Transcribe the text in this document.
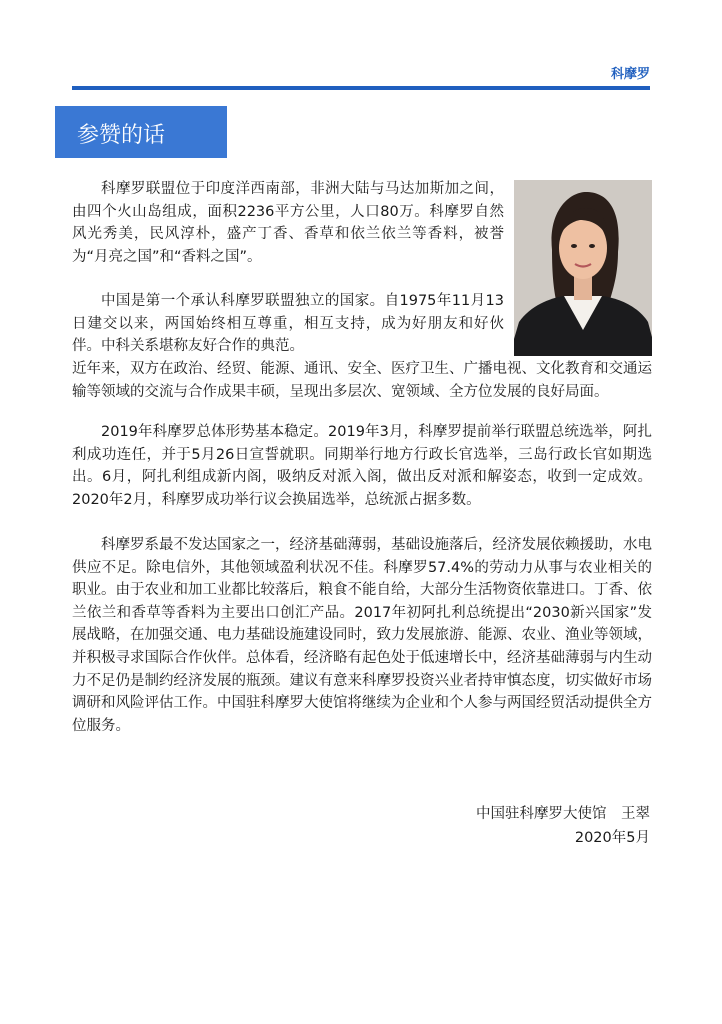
科摩罗
参赞的话

科摩罗联盟位于印度洋西南部，非洲大陆与马达加斯加之间，由四个火山岛组成，面积2236平方公里，人口80万。科摩罗自然风光秀美，民风淳朴，盛产丁香、香草和依兰依兰等香料，被誉为“月亮之国”和“香料之国”。

中国是第一个承认科摩罗联盟独立的国家。自1975年11月13日建交以来，两国始终相互尊重，相互支持，成为好朋友和好伙伴。中科关系堪称友好合作的典范。

近年来，双方在政治、经贸、能源、通讯、安全、医疗卫生、广播电视、文化教育和交通运输等领域的交流与合作成果丰硕，呈现出多层次、宽领域、全方位发展的良好局面。

2019年科摩罗总体形势基本稳定。2019年3月，科摩罗提前举行联盟总统选举，阿扎利成功连任，并于5月26日宣誓就职。同期举行地方行政长官选举，三岛行政长官如期选出。6月，阿扎利组成新内阁，吸纳反对派入阁，做出反对派和解姿态，收到一定成效。2020年2月，科摩罗成功举行议会换届选举，总统派占据多数。

科摩罗系最不发达国家之一，经济基础薄弱，基础设施落后，经济发展依赖援助，水电供应不足。除电信外，其他领域盈利状况不佳。科摩罗57.4%的劳动力从事与农业相关的职业。由于农业和加工业都比较落后，粮食不能自给，大部分生活物资依靠进口。丁香、依兰依兰和香草等香料为主要出口创汇产品。2017年初阿扎利总统提出“2030新兴国家”发展战略，在加强交通、电力基础设施建设同时，致力发展旅游、能源、农业、渔业等领域，并积极寻求国际合作伙伴。总体看，经济略有起色处于低速增长中，经济基础薄弱与内生动力不足仍是制约经济发展的瓶颈。建议有意来科摩罗投资兴业者持审慎态度，切实做好市场调研和风险评估工作。中国驻科摩罗大使馆将继续为企业和个人参与两国经贸活动提供全方位服务。

中国驻科摩罗大使馆　王翠
2020年5月
